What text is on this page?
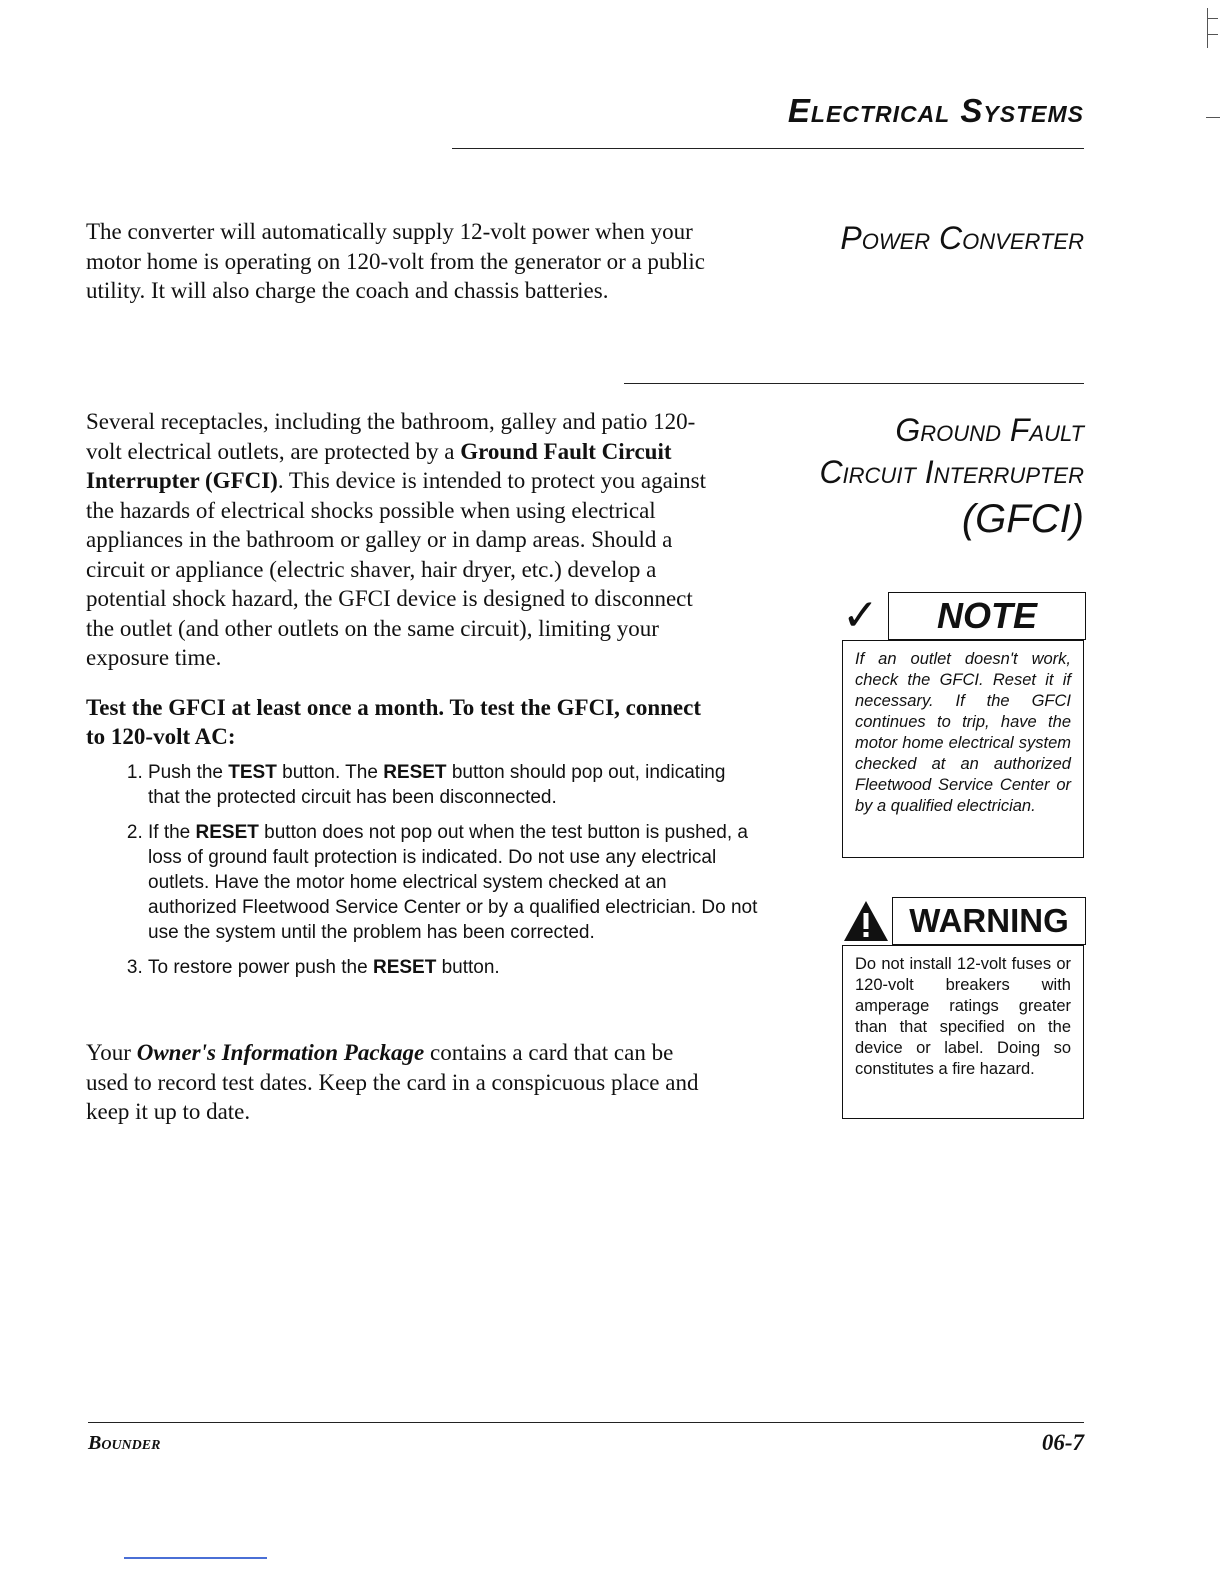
Electrical Systems
The converter will automatically supply 12-volt power when your motor home is operating on 120-volt from the generator or a public utility. It will also charge the coach and chassis batteries.
Power Converter
Several receptacles, including the bathroom, galley and patio 120-volt electrical outlets, are protected by a Ground Fault Circuit Interrupter (GFCI). This device is intended to protect you against the hazards of electrical shocks possible when using electrical appliances in the bathroom or galley or in damp areas. Should a circuit or appliance (electric shaver, hair dryer, etc.) develop a potential shock hazard, the GFCI device is designed to disconnect the outlet (and other outlets on the same circuit), limiting your exposure time.
Ground Fault
Circuit Interrupter
(GFCI)
Test the GFCI at least once a month. To test the GFCI, connect to 120-volt AC:
1. Push the TEST button. The RESET button should pop out, indicating that the protected circuit has been disconnected.
2. If the RESET button does not pop out when the test button is pushed, a loss of ground fault protection is indicated. Do not use any electrical outlets. Have the motor home electrical system checked at an authorized Fleetwood Service Center or by a qualified electrician. Do not use the system until the problem has been corrected.
3. To restore power push the RESET button.
Your Owner's Information Package contains a card that can be used to record test dates. Keep the card in a conspicuous place and keep it up to date.
✓	NOTE
If an outlet doesn't work, check the GFCI. Reset it if necessary. If the GFCI continues to trip, have the motor home electrical system checked at an authorized Fleetwood Service Center or by a qualified electrician.
WARNING
Do not install 12-volt fuses or 120-volt breakers with amperage ratings greater than that specified on the device or label. Doing so constitutes a fire hazard.
Bounder	06-7
